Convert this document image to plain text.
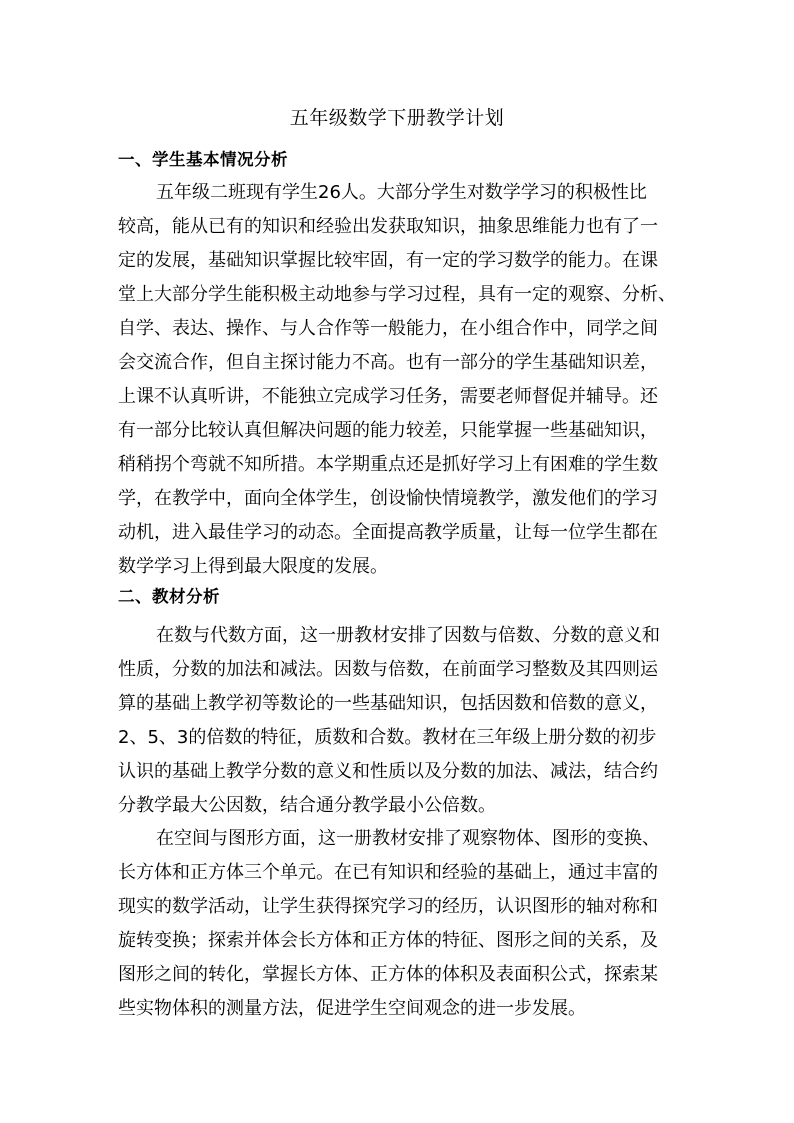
五年级数学下册教学计划
一、学生基本情况分析
五年级二班现有学生26人。大部分学生对数学学习的积极性比
较高，能从已有的知识和经验出发获取知识，抽象思维能力也有了一
定的发展，基础知识掌握比较牢固，有一定的学习数学的能力。在课
堂上大部分学生能积极主动地参与学习过程，具有一定的观察、分析、
自学、表达、操作、与人合作等一般能力，在小组合作中，同学之间
会交流合作，但自主探讨能力不高。也有一部分的学生基础知识差，
上课不认真听讲，不能独立完成学习任务，需要老师督促并辅导。还
有一部分比较认真但解决问题的能力较差，只能掌握一些基础知识，
稍稍拐个弯就不知所措。本学期重点还是抓好学习上有困难的学生数
学，在教学中，面向全体学生，创设愉快情境教学，激发他们的学习
动机，进入最佳学习的动态。全面提高教学质量，让每一位学生都在
数学学习上得到最大限度的发展。
二、教材分析
在数与代数方面，这一册教材安排了因数与倍数、分数的意义和
性质，分数的加法和减法。因数与倍数，在前面学习整数及其四则运
算的基础上教学初等数论的一些基础知识，包括因数和倍数的意义，
2、5、3的倍数的特征，质数和合数。教材在三年级上册分数的初步
认识的基础上教学分数的意义和性质以及分数的加法、减法，结合约
分教学最大公因数，结合通分教学最小公倍数。
在空间与图形方面，这一册教材安排了观察物体、图形的变换、
长方体和正方体三个单元。在已有知识和经验的基础上，通过丰富的
现实的数学活动，让学生获得探究学习的经历，认识图形的轴对称和
旋转变换；探索并体会长方体和正方体的特征、图形之间的关系，及
图形之间的转化，掌握长方体、正方体的体积及表面积公式，探索某
些实物体积的测量方法，促进学生空间观念的进一步发展。
